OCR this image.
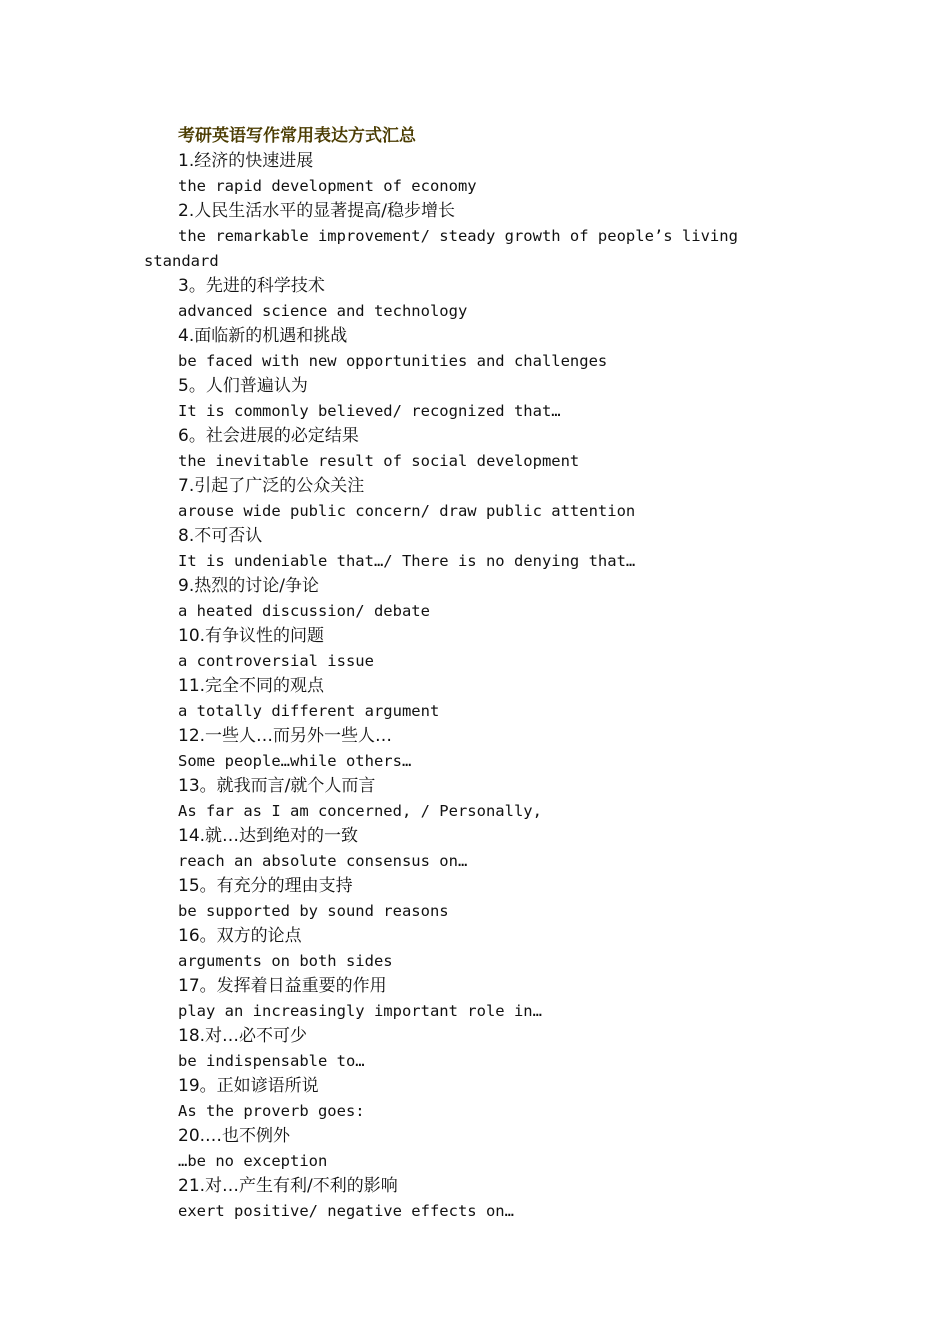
考研英语写作常用表达方式汇总
1.经济的快速进展
the rapid development of economy
2.人民生活水平的显著提高/稳步增长
the remarkable improvement/ steady growth of people’s living standard
3。先进的科学技术
advanced science and technology
4.面临新的机遇和挑战
be faced with new opportunities and challenges
5。人们普遍认为
It is commonly believed/ recognized that…
6。社会进展的必定结果
the inevitable result of social development
7.引起了广泛的公众关注
arouse wide public concern/ draw public attention
8.不可否认
It is undeniable that…/ There is no denying that…
9.热烈的讨论/争论
a heated discussion/ debate
10.有争议性的问题
a controversial issue
11.完全不同的观点
a totally different argument
12.一些人…而另外一些人…
Some people…while others…
13。就我而言/就个人而言
As far as I am concerned, / Personally,
14.就…达到绝对的一致
reach an absolute consensus on…
15。有充分的理由支持
be supported by sound reasons
16。双方的论点
arguments on both sides
17。发挥着日益重要的作用
play an increasingly important role in…
18.对…必不可少
be indispensable to…
19。正如谚语所说
As the proverb goes:
20.…也不例外
…be no exception
21.对…产生有利/不利的影响
exert positive/ negative effects on…
